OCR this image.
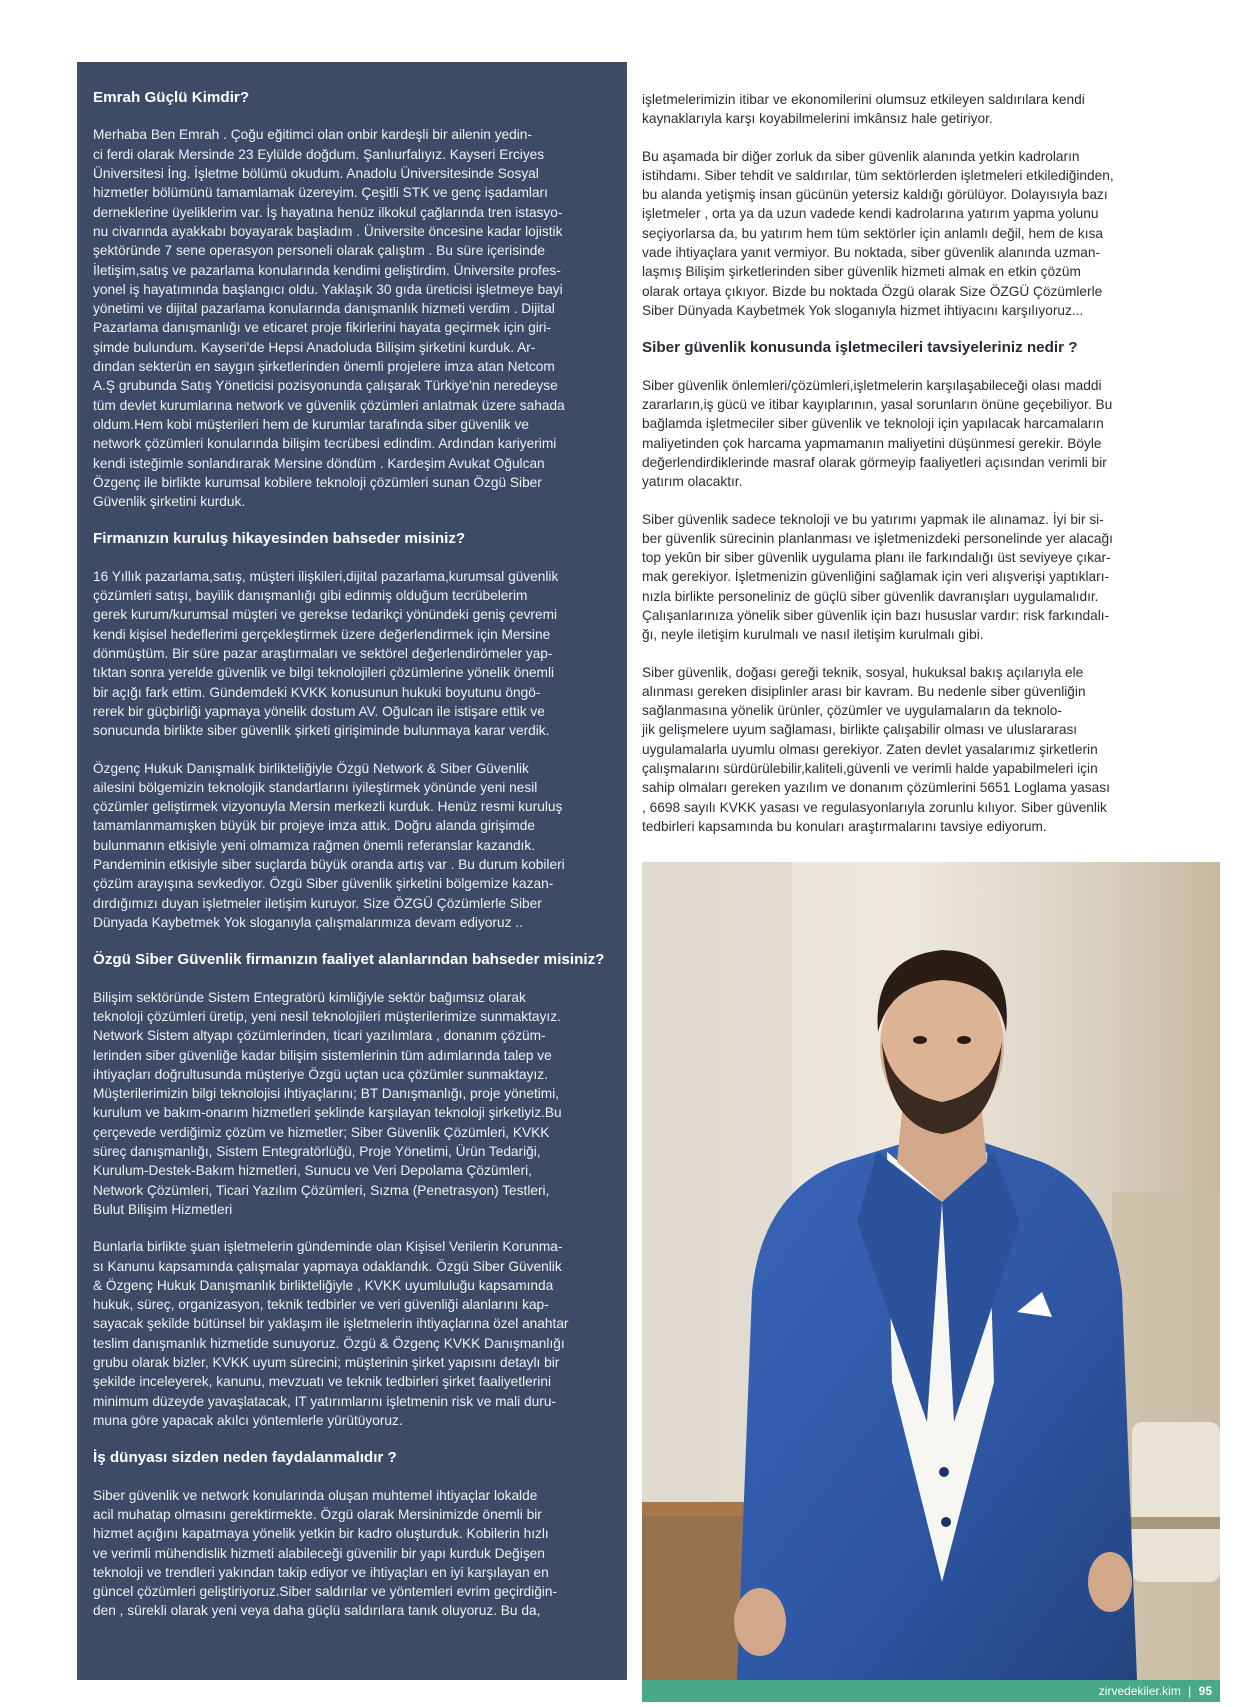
Emrah Güçlü Kimdir?

Merhaba Ben Emrah . Çoğu eğitimci olan onbir kardeşli bir ailenin yedin-
ci ferdi olarak Mersinde 23 Eylülde doğdum. Şanlıurfalıyız. Kayseri Erciyes
Üniversitesi İng. İşletme bölümü okudum. Anadolu Üniversitesinde Sosyal
hizmetler bölümünü tamamlamak üzereyim. Çeşitli STK ve genç işadamları
derneklerine üyeliklerim var. İş hayatına henüz ilkokul çağlarında tren istasyo-
nu civarında ayakkabı boyayarak başladım . Üniversite öncesine kadar lojistik
şektöründe 7 sene operasyon personeli olarak çalıştım . Bu süre içerisinde
İletişim,satış ve pazarlama konularında kendimi geliştirdim. Üniversite profes-
yonel iş hayatımında başlangıcı oldu. Yaklaşık 30 gıda üreticisi işletmeye bayi
yönetimi ve dijital pazarlama konularında danışmanlık hizmeti verdim . Dijital
Pazarlama danışmanlığı ve eticaret proje fikirlerini hayata geçirmek için giri-
şimde bulundum. Kayseri'de Hepsi Anadoluda Bilişim şirketini kurduk. Ar-
dından sekterün en saygın şirketlerinden önemli projelere imza atan Netcom
A.Ş grubunda Satış Yöneticisi pozisyonunda çalışarak Türkiye'nin neredeyse
tüm devlet kurumlarına network ve güvenlik çözümleri anlatmak üzere sahada
oldum.Hem kobi müşterileri hem de kurumlar tarafında siber güvenlik ve
network çözümleri konularında bilişim tecrübesi edindim. Ardından kariyerimi
kendi isteğimle sonlandırarak Mersine döndüm . Kardeşim Avukat Oğulcan
Özgenç ile birlikte kurumsal kobilere teknoloji çözümleri sunan Özgü Siber
Güvenlik şirketini kurduk.

Firmanızın kuruluş hikayesinden bahseder misiniz?

16 Yıllık pazarlama,satış, müşteri ilişkileri,dijital pazarlama,kurumsal güvenlik
çözümleri satışı, bayilik danışmanlığı gibi edinmiş olduğum tecrübelerim
gerek kurum/kurumsal müşteri ve gerekse tedarikçi yönündeki geniş çevremi
kendi kişisel hedeflerimi gerçekleştirmek üzere değerlendirmek için Mersine
dönmüştüm. Bir süre pazar araştırmaları ve sektörel değerlendirömeler yap-
tıktan sonra yerelde güvenlik ve bilgi teknolojileri çözümlerine yönelik önemli
bir açığı fark ettim. Gündemdeki KVKK konusunun hukuki boyutunu öngö-
rerek bir güçbirliği yapmaya yönelik dostum AV. Oğulcan ile istişare ettik ve
sonucunda birlikte siber güvenlik şirketi girişiminde bulunmaya karar verdik.

Özgenç Hukuk Danışmalık birlikteliğiyle Özgü Network & Siber Güvenlik
ailesini bölgemizin teknolojik standartlarını iyileştirmek yönünde yeni nesil
çözümler geliştirmek vizyonuyla Mersin merkezli kurduk. Henüz resmi kuruluş
tamamlanmamışken büyük bir projeye imza attık. Doğru alanda girişimde
bulunmanın etkisiyle yeni olmamıza rağmen önemli referanslar kazandık.
Pandeminin etkisiyle siber suçlarda büyük oranda artış var . Bu durum kobileri
çözüm arayışına sevkediyor. Özgü Siber güvenlik şirketini bölgemize kazan-
dırdığımızı duyan işletmeler iletişim kuruyor. Size ÖZGÜ Çözümlerle Siber
Dünyada Kaybetmek Yok sloganıyla çalışmalarımıza devam ediyoruz ..

Özgü Siber Güvenlik firmanızın faaliyet alanlarından bahseder misiniz?

Bilişim sektöründe Sistem Entegratörü kimliğiyle sektör bağımsız olarak
teknoloji çözümleri üretip, yeni nesil teknolojileri müşterilerimize sunmaktayız.
Network Sistem altyapı çözümlerinden, ticari yazılımlara , donanım çözüm-
lerinden siber güvenliğe kadar bilişim sistemlerinin tüm adımlarında talep ve
ihtiyaçları doğrultusunda müşteriye Özgü uçtan uca çözümler sunmaktayız.
Müşterilerimizin bilgi teknolojisi ihtiyaçlarını; BT Danışmanlığı, proje yönetimi,
kurulum ve bakım-onarım hizmetleri şeklinde karşılayan teknoloji şirketiyiz.Bu
çerçevede verdiğimiz çözüm ve hizmetler; Siber Güvenlik Çözümleri, KVKK
süreç danışmanlığı, Sistem Entegratörlüğü, Proje Yönetimi, Ürün Tedariği,
Kurulum-Destek-Bakım hizmetleri, Sunucu ve Veri Depolama Çözümleri,
Network Çözümleri, Ticari Yazılım Çözümleri, Sızma (Penetrasyon) Testleri,
Bulut Bilişim Hizmetleri

Bunlarla birlikte şuan işletmelerin gündeminde olan Kişisel Verilerin Korunma-
sı Kanunu kapsamında çalışmalar yapmaya odaklandık. Özgü Siber Güvenlik
& Özgenç Hukuk Danışmanlık birlikteliğiyle , KVKK uyumluluğu kapsamında
hukuk, süreç, organizasyon, teknik tedbirler ve veri güvenliği alanlarını kap-
sayacak şekilde bütünsel bir yaklaşım ile işletmelerin ihtiyaçlarına özel anahtar
teslim danışmanlık hizmetide sunuyoruz. Özgü & Özgenç KVKK Danışmanlığı
grubu olarak bizler, KVKK uyum sürecini; müşterinin şirket yapısını detaylı bir
şekilde inceleyerek, kanunu, mevzuatı ve teknik tedbirleri şirket faaliyetlerini
minimum düzeyde yavaşlatacak, IT yatırımlarını işletmenin risk ve mali duru-
muna göre yapacak akılcı yöntemlerle yürütüyoruz.

İş dünyası sizden neden faydalanmalıdır ?

Siber güvenlik ve network konularında oluşan muhtemel ihtiyaçlar lokalde
acil muhatap olmasını gerektirmekte. Özgü olarak Mersinimizde önemli bir
hizmet açığını kapatmaya yönelik yetkin bir kadro oluşturduk. Kobilerin hızlı
ve verimli mühendislik hizmeti alabileceği güvenilir bir yapı kurduk Değişen
teknoloji ve trendleri yakından takip ediyor ve ihtiyaçları en iyi karşılayan en
güncel çözümleri geliştiriyoruz.Siber saldırılar ve yöntemleri evrim geçirdiğin-
den , sürekli olarak yeni veya daha güçlü saldırılara tanık oluyoruz. Bu da,

işletmelerimizin itibar ve ekonomilerini olumsuz etkileyen saldırılara kendi
kaynaklarıyla karşı koyabilmelerini imkânsız hale getiriyor.

Bu aşamada bir diğer zorluk da siber güvenlik alanında yetkin kadroların
istihdamı. Siber tehdit ve saldırılar, tüm sektörlerden işletmeleri etkilediğinden,
bu alanda yetişmiş insan gücünün yetersiz kaldığı görülüyor. Dolayısıyla bazı
işletmeler , orta ya da uzun vadede kendi kadrolarına yatırım yapma yolunu
seçiyorlarsa da, bu yatırım hem tüm sektörler için anlamlı değil, hem de kısa
vade ihtiyaçlara yanıt vermiyor. Bu noktada, siber güvenlik alanında uzman-
laşmış Bilişim şirketlerinden siber güvenlik hizmeti almak en etkin çözüm
olarak ortaya çıkıyor. Bizde bu noktada Özgü olarak Size ÖZGÜ Çözümlerle
Siber Dünyada Kaybetmek Yok sloganıyla hizmet ihtiyacını karşılıyoruz...

Siber güvenlik konusunda işletmecileri tavsiyeleriniz nedir ?

Siber güvenlik önlemleri/çözümleri,işletmelerin karşılaşabileceği olası maddi
zararların,iş gücü ve itibar kayıplarının, yasal sorunların önüne geçebiliyor. Bu
bağlamda işletmeciler siber güvenlik ve teknoloji için yapılacak harcamaların
maliyetinden çok harcama yapmamanın maliyetini düşünmesi gerekir. Böyle
değerlendirdiklerinde masraf olarak görmeyip faaliyetleri açısından verimli bir
yatırım olacaktır.

Siber güvenlik sadece teknoloji ve bu yatırımı yapmak ile alınamaz. İyi bir si-
ber güvenlik sürecinin planlanması ve işletmenizdeki personelinde yer alacağı
top yekûn bir siber güvenlik uygulama planı ile farkındalığı üst seviyeye çıkar-
mak gerekiyor. İşletmenizin güvenliğini sağlamak için veri alışverişi yaptıkları-
nızla birlikte personeliniz de güçlü siber güvenlik davranışları uygulamalıdır.
Çalışanlarınıza yönelik siber güvenlik için bazı hususlar vardır: risk farkındalı-
ğı, neyle iletişim kurulmalı ve nasıl iletişim kurulmalı gibi.

Siber güvenlik, doğası gereği teknik, sosyal, hukuksal bakış açılarıyla ele
alınması gereken disiplinler arası bir kavram. Bu nedenle siber güvenliğin
sağlanmasına yönelik ürünler, çözümler ve uygulamaların da teknolo-
jik gelişmelere uyum sağlaması, birlikte çalışabilir olması ve uluslararası
uygulamalarla uyumlu olması gerekiyor. Zaten devlet yasalarımız şirketlerin
çalışmalarını sürdürülebilir,kaliteli,güvenli ve verimli halde yapabilmeleri için
sahip olmaları gereken yazılım ve donanım çözümlerini 5651 Loglama yasası
, 6698 sayılı KVKK yasası ve regulasyonlarıyla zorunlu kılıyor. Siber güvenlik
tedbirleri kapsamında bu konuları araştırmalarını tavsiye ediyorum.

zirvedekiler.kim | 95
